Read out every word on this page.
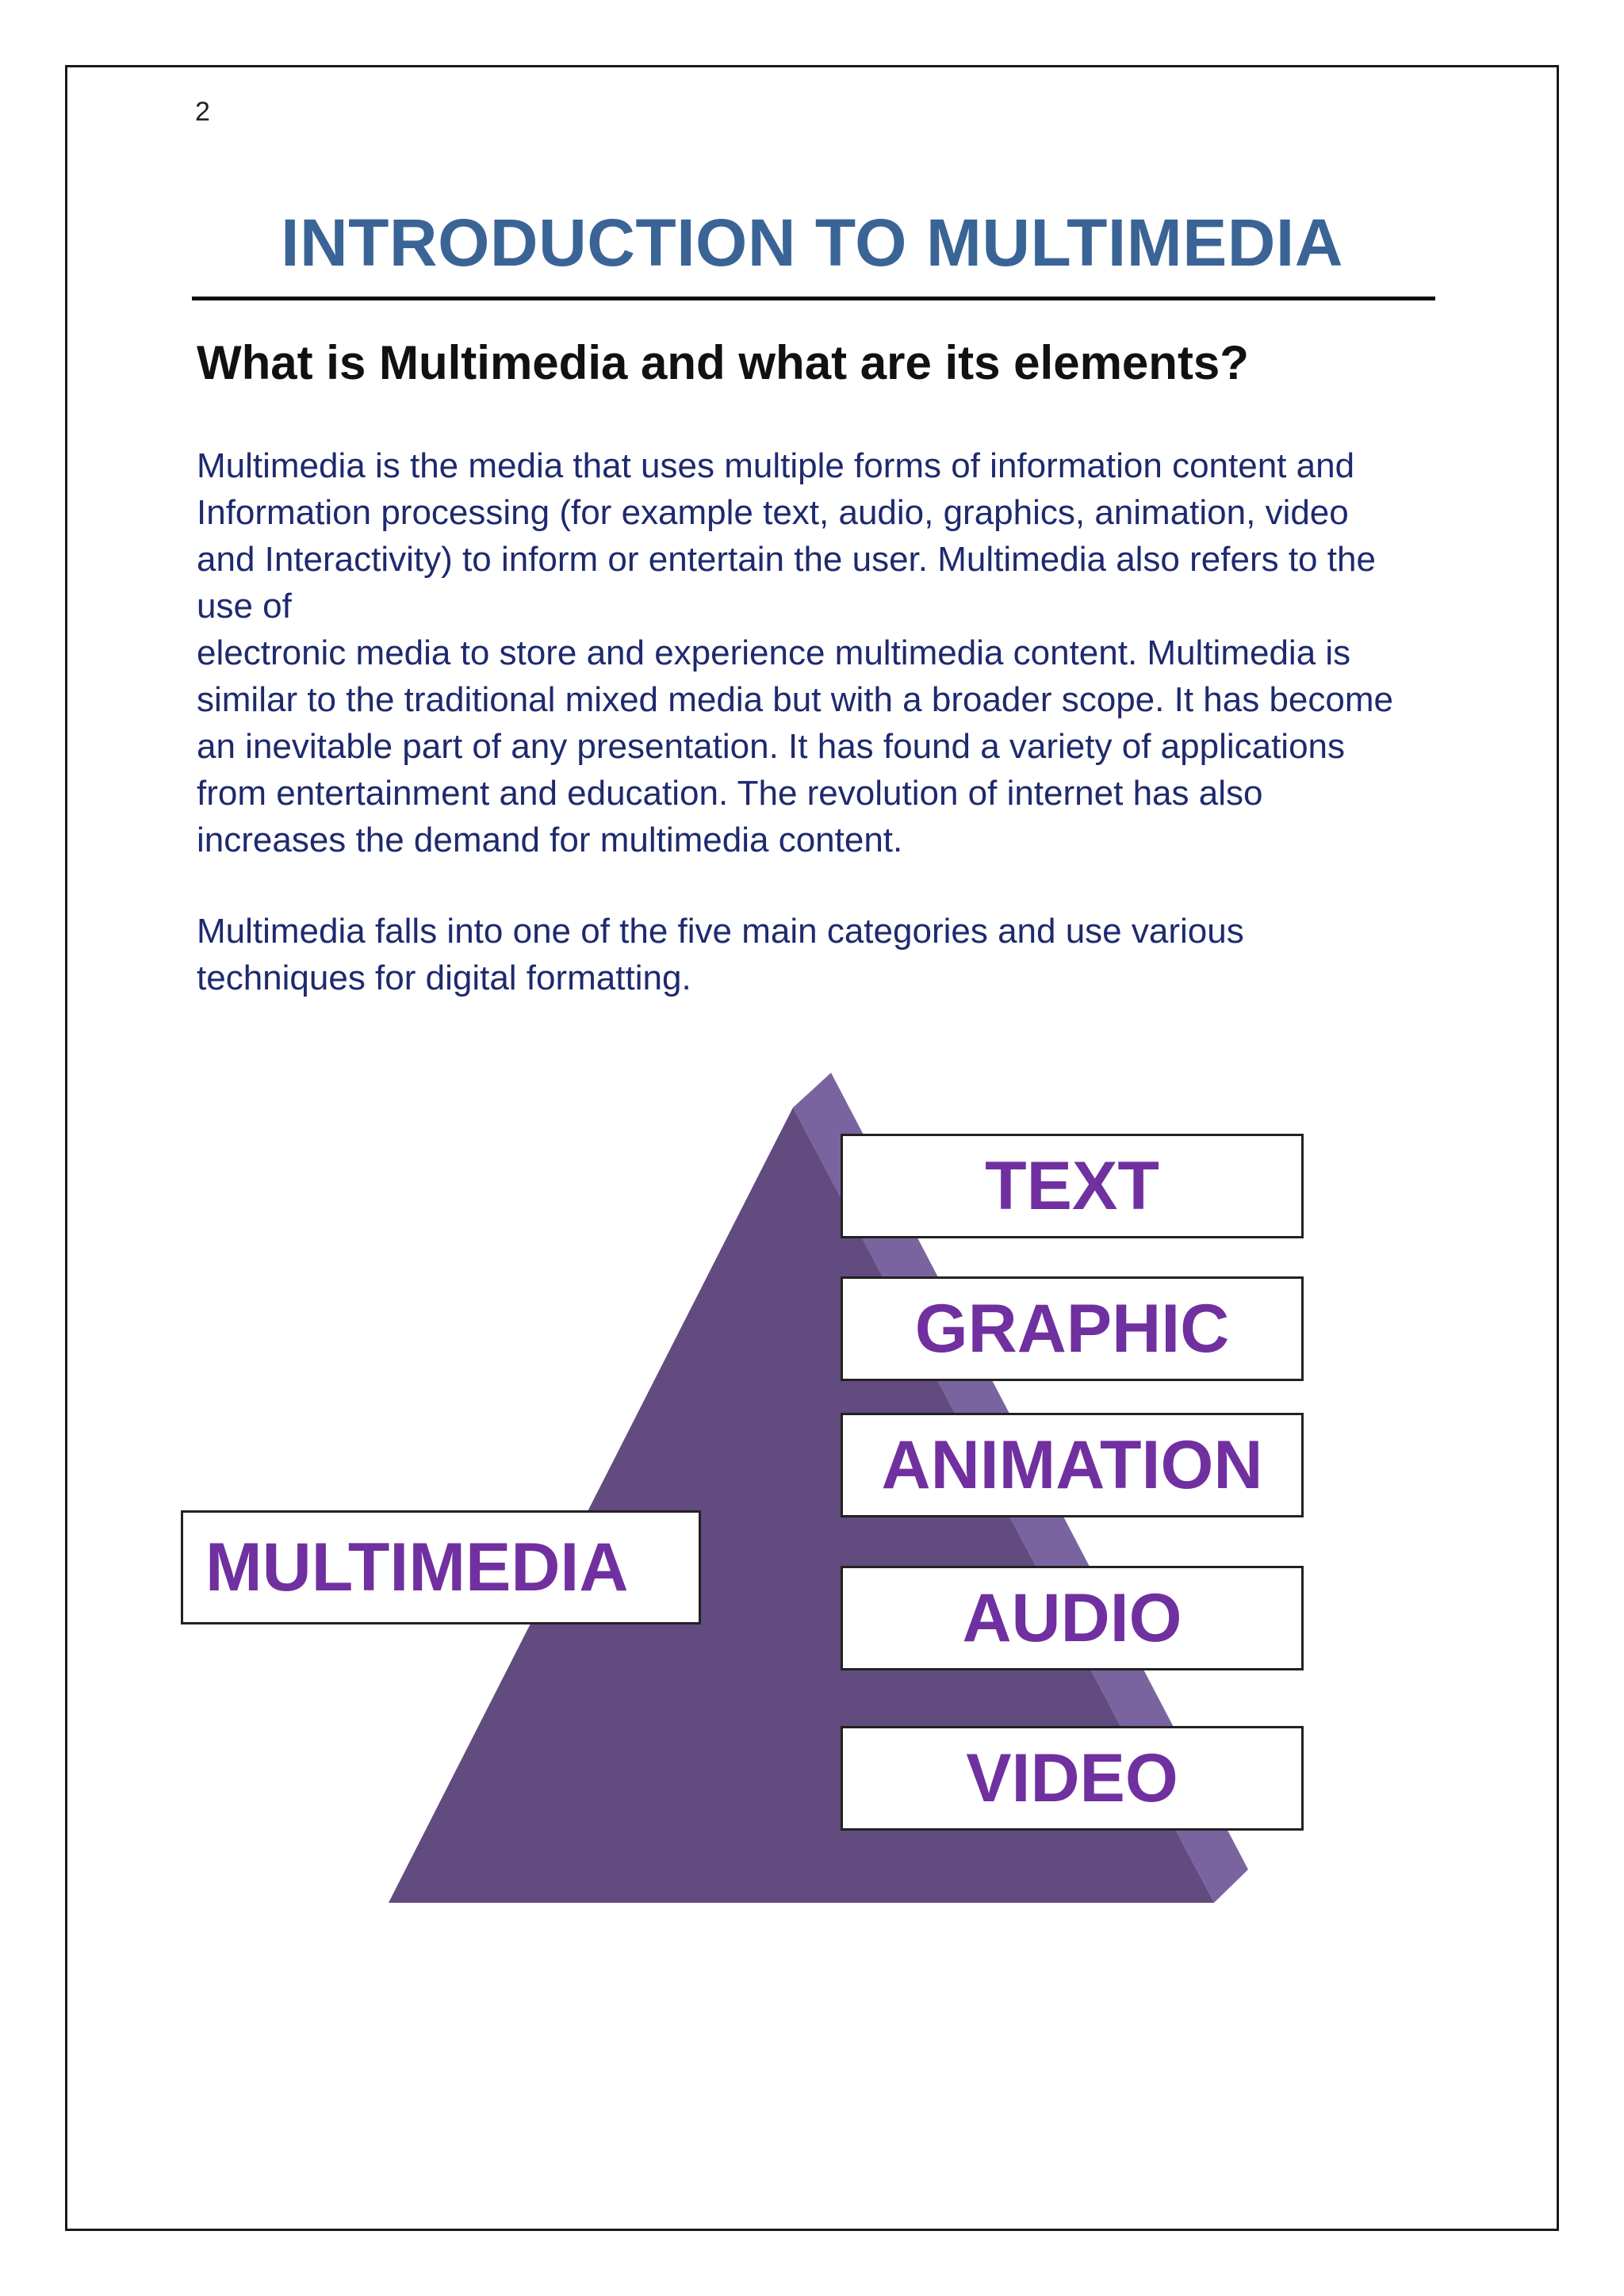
2
INTRODUCTION TO MULTIMEDIA
What is Multimedia and what are its elements?
Multimedia is the media that uses multiple forms of information content and
Information processing (for example text, audio, graphics, animation, video
and Interactivity) to inform or entertain the user. Multimedia also refers to the
use of
electronic media to store and experience multimedia content. Multimedia is
similar to the traditional mixed media but with a broader scope. It has become
an inevitable part of any presentation. It has found a variety of applications
from entertainment and education. The revolution of internet has also
increases the demand for multimedia content.
Multimedia falls into one of the five main categories and use various
techniques for digital formatting.
TEXT
GRAPHIC
ANIMATION
AUDIO
VIDEO
MULTIMEDIA
